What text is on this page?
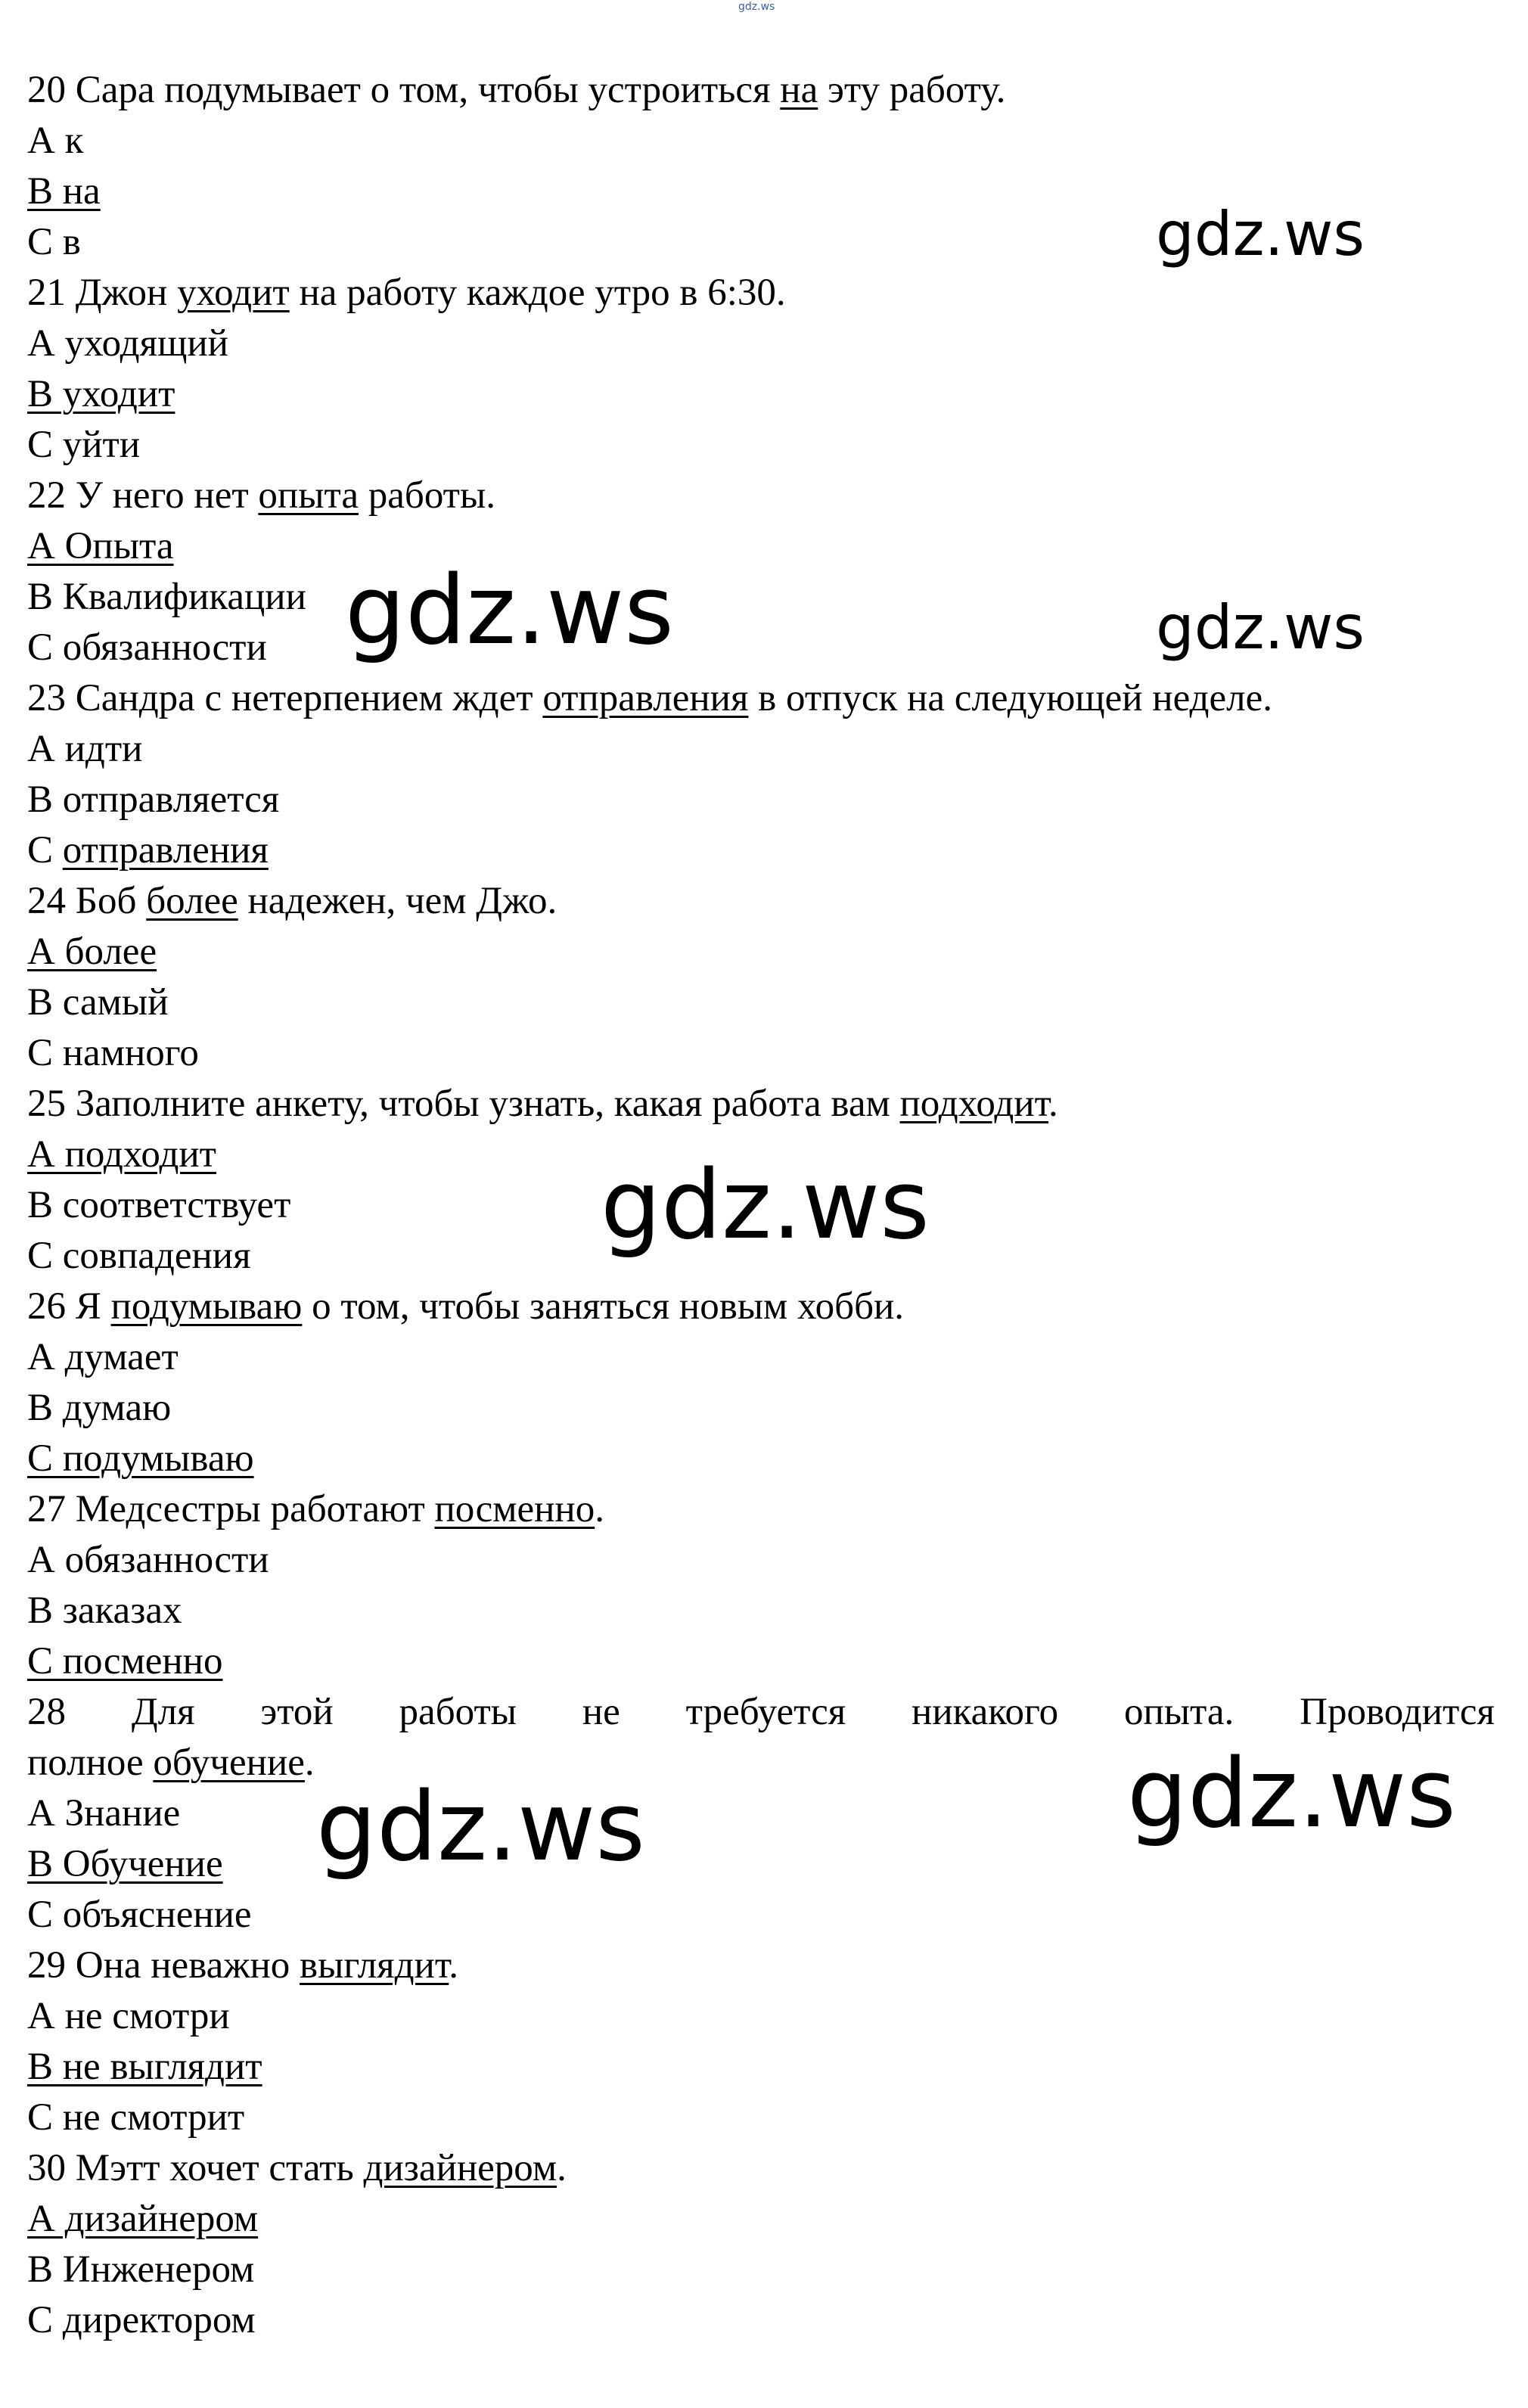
gdz.ws
20 Сара подумывает о том, чтобы устроиться на эту работу.
А к
В на
С в
21 Джон уходит на работу каждое утро в 6:30.
А уходящий
В уходит
С уйти
22 У него нет опыта работы.
А Опыта
В Квалификации
С обязанности
23 Сандра с нетерпением ждет отправления в отпуск на следующей неделе.
А идти
В отправляется
С отправления
24 Боб более надежен, чем Джо.
А более
В самый
С намного
25 Заполните анкету, чтобы узнать, какая работа вам подходит.
А подходит
В соответствует
С совпадения
26 Я подумываю о том, чтобы заняться новым хобби.
А думает
В думаю
С подумываю
27 Медсестры работают посменно.
А обязанности
В заказах
С посменно
28 Для этой работы не требуется никакого опыта. Проводится
полное обучение.
А Знание
В Обучение
С объяснение
29 Она неважно выглядит.
А не смотри
В не выглядит
С не смотрит
30 Мэтт хочет стать дизайнером.
А дизайнером
В Инженером
С директором
gdz.ws
gdz.ws
gdz.ws
gdz.ws
gdz.ws	gdz.ws
